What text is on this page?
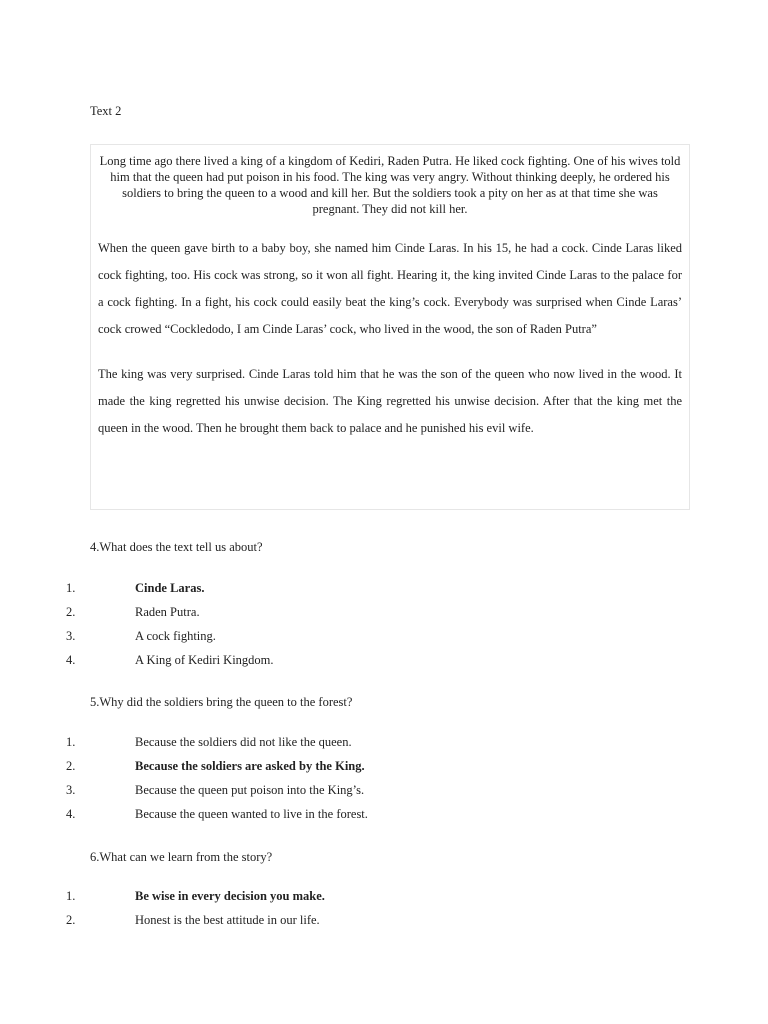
Text 2

Long time ago there lived a king of a kingdom of Kediri, Raden Putra. He liked cock fighting. One of his wives told him that the queen had put poison in his food. The king was very angry. Without thinking deeply, he ordered his soldiers to bring the queen to a wood and kill her. But the soldiers took a pity on her as at that time she was pregnant. They did not kill her.

When the queen gave birth to a baby boy, she named him Cinde Laras. In his 15, he had a cock. Cinde Laras liked cock fighting, too. His cock was strong, so it won all fight. Hearing it, the king invited Cinde Laras to the palace for a cock fighting. In a fight, his cock could easily beat the king’s cock. Everybody was surprised when Cinde Laras’ cock crowed “Cockledodo, I am Cinde Laras’ cock, who lived in the wood, the son of Raden Putra”

The king was very surprised. Cinde Laras told him that he was the son of the queen who now lived in the wood. It made the king regretted his unwise decision. The King regretted his unwise decision. After that the king met the queen in the wood. Then he brought them back to palace and he punished his evil wife.

4.What does the text tell us about?
1.	Cinde Laras.
2.	Raden Putra.
3.	A cock fighting.
4.	A King of Kediri Kingdom.
5.Why did the soldiers bring the queen to the forest?
1.	Because the soldiers did not like the queen.
2.	Because the soldiers are asked by the King.
3.	Because the queen put poison into the King’s.
4.	Because the queen wanted to live in the forest.
6.What can we learn from the story?
1.	Be wise in every decision you make.
2.	Honest is the best attitude in our life.
